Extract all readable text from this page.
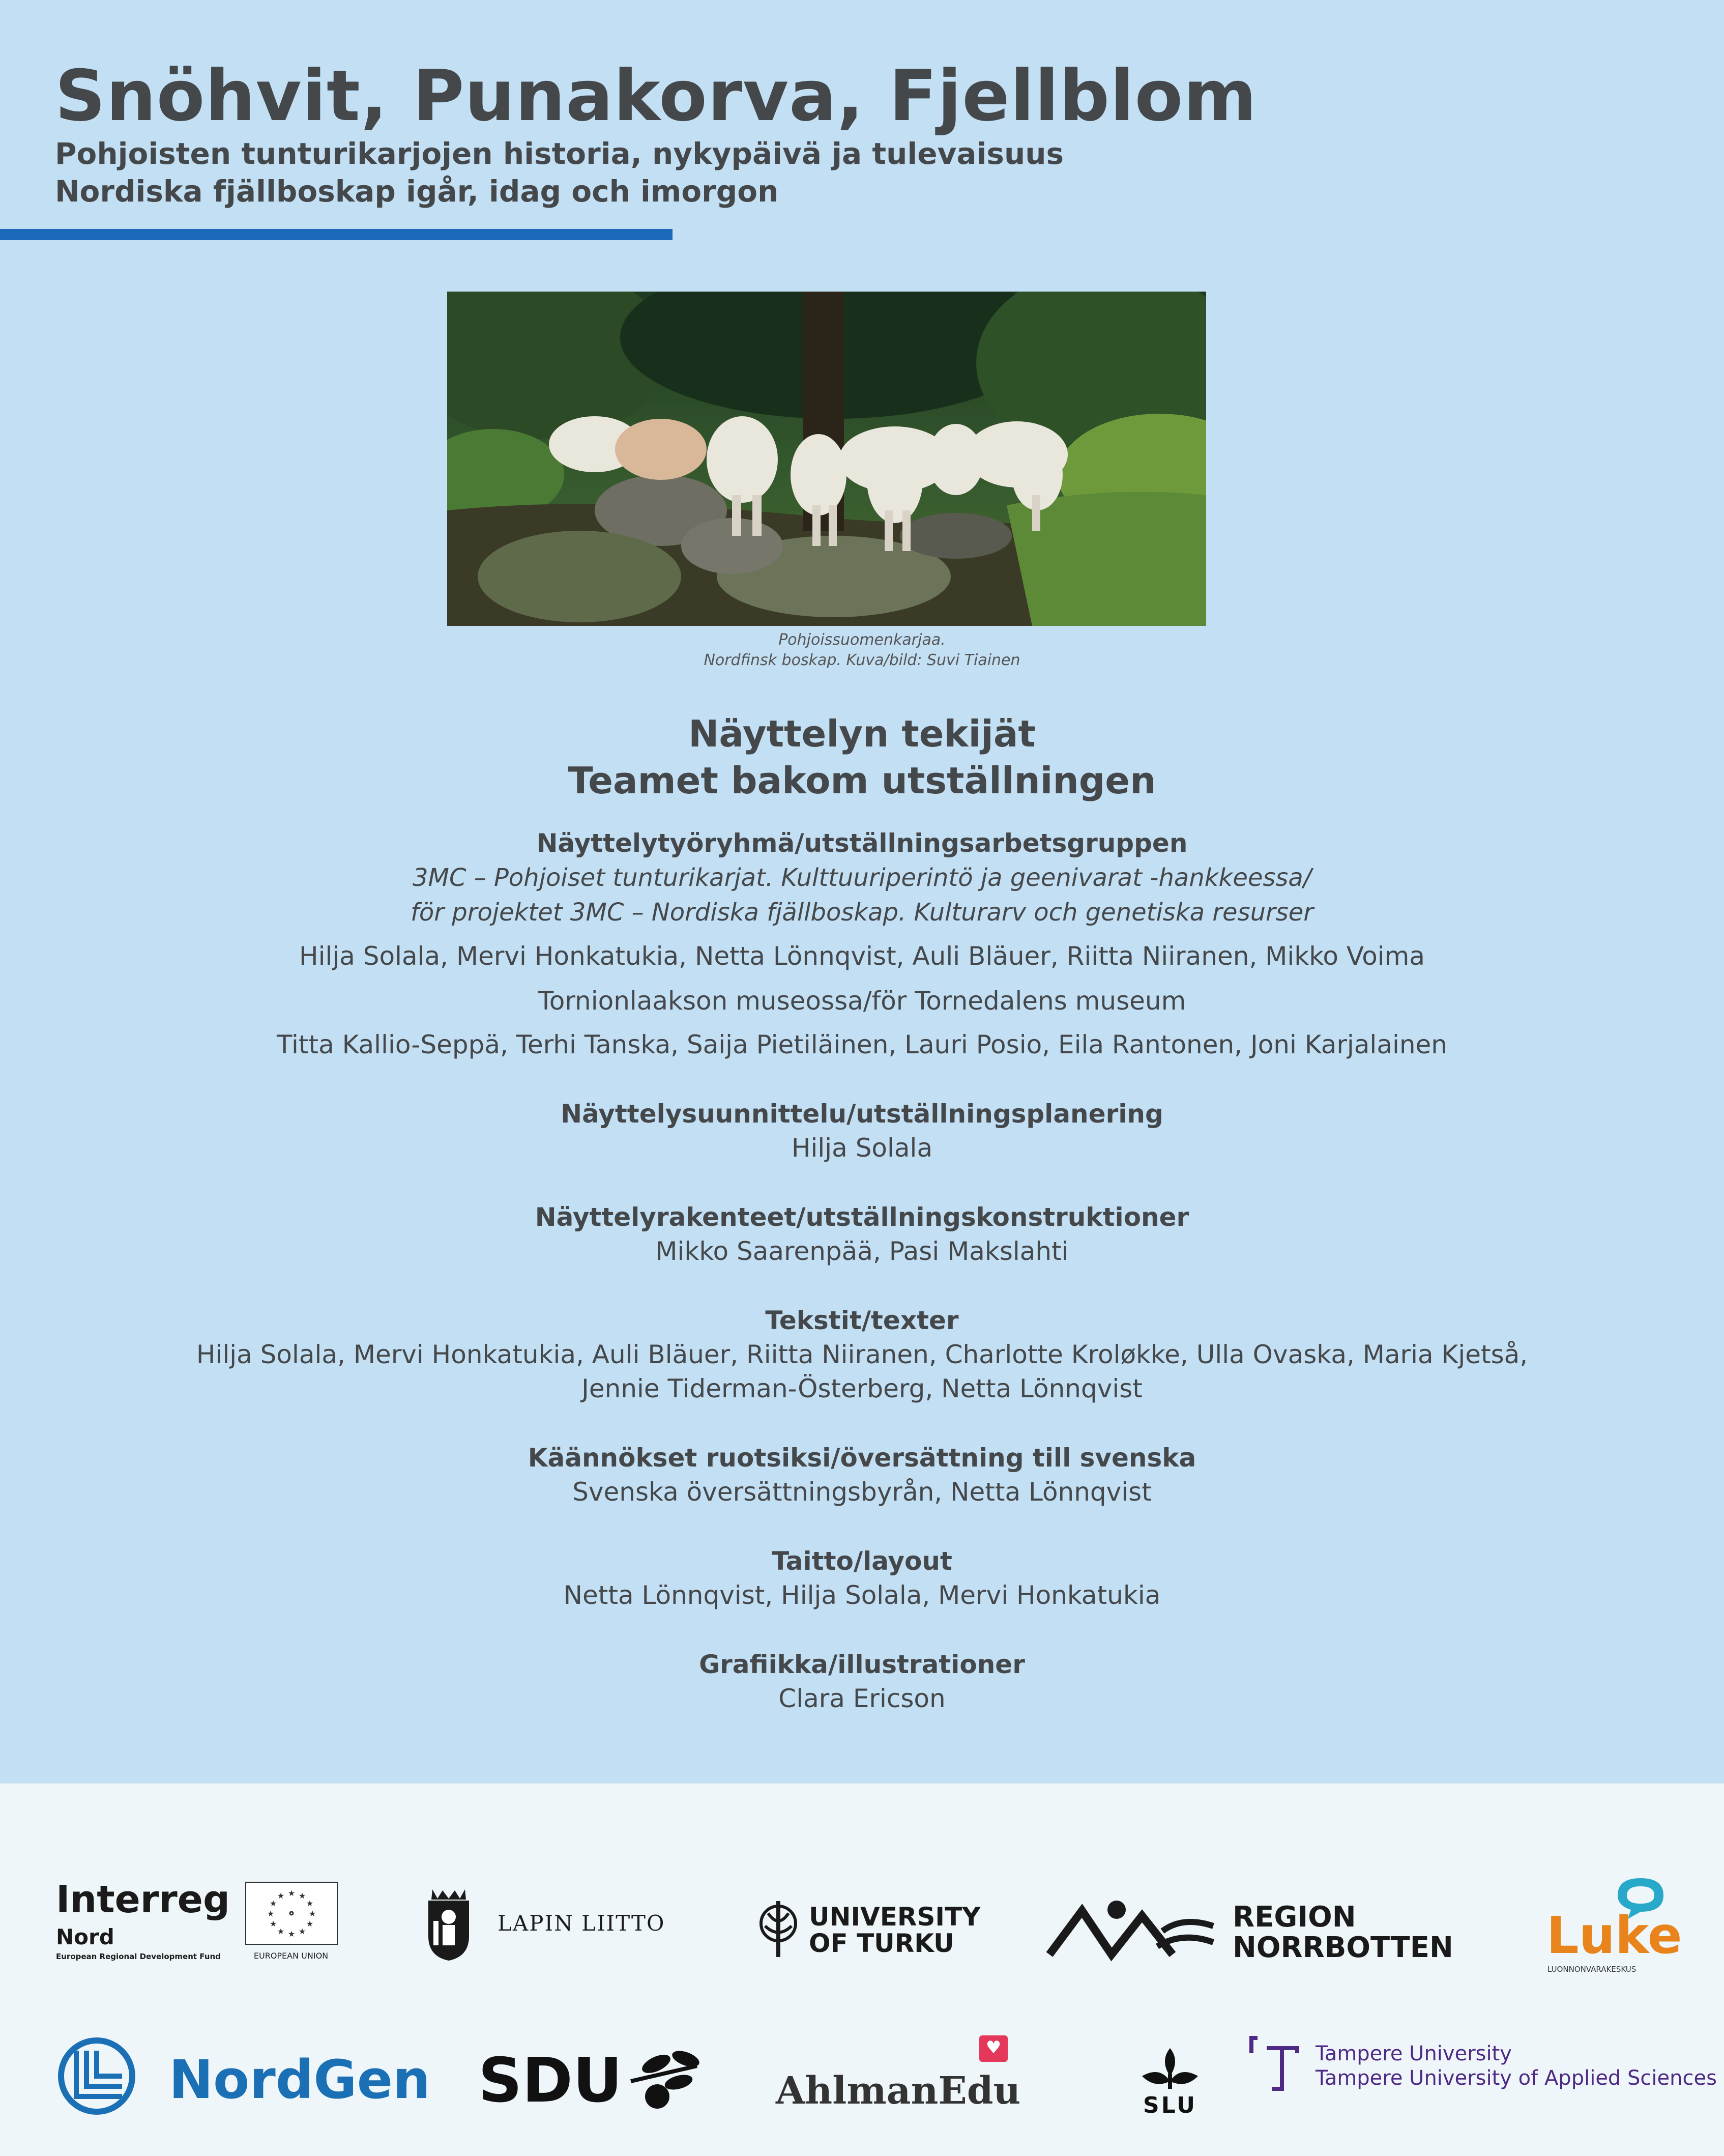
Snöhvit, Punakorva, Fjellblom
Pohjoisten tunturikarjojen historia, nykypäivä ja tulevaisuus
Nordiska fjällboskap igår, idag och imorgon
Pohjoissuomenkarjaa.
Nordfinsk boskap. Kuva/bild: Suvi Tiainen
Näyttelyn tekijät
Teamet bakom utställningen
Näyttelytyöryhmä/utställningsarbetsgruppen
3MC – Pohjoiset tunturikarjat. Kulttuuriperintö ja geenivarat -hankkeessa/
för projektet 3MC – Nordiska fjällboskap. Kulturarv och genetiska resurser
Hilja Solala, Mervi Honkatukia, Netta Lönnqvist, Auli Bläuer, Riitta Niiranen, Mikko Voima
Tornionlaakson museossa/för Tornedalens museum
Titta Kallio-Seppä, Terhi Tanska, Saija Pietiläinen, Lauri Posio, Eila Rantonen, Joni Karjalainen
Näyttelysuunnittelu/utställningsplanering
Hilja Solala
Näyttelyrakenteet/utställningskonstruktioner
Mikko Saarenpää, Pasi Makslahti
Tekstit/texter
Hilja Solala, Mervi Honkatukia, Auli Bläuer, Riitta Niiranen, Charlotte Kroløkke, Ulla Ovaska, Maria Kjetså,
Jennie Tiderman-Österberg, Netta Lönnqvist
Käännökset ruotsiksi/översättning till svenska
Svenska översättningsbyrån, Netta Lönnqvist
Taitto/layout
Netta Lönnqvist, Hilja Solala, Mervi Honkatukia
Grafiikka/illustrationer
Clara Ericson
Interreg
Nord
European Regional Development Fund
★ ★
★
★
★
★
★
★
★
★
★
★
EUROPEAN UNION
LAPIN LIITTO	UNIVERSITY
OF TURKU
REGION
NORRBOTTEN Luke
LUONNONVARAKESKUS
NordGen SDU	♥
AhlmanEdu	SLU
Tampere University
Tampere University of Applied Sciences
